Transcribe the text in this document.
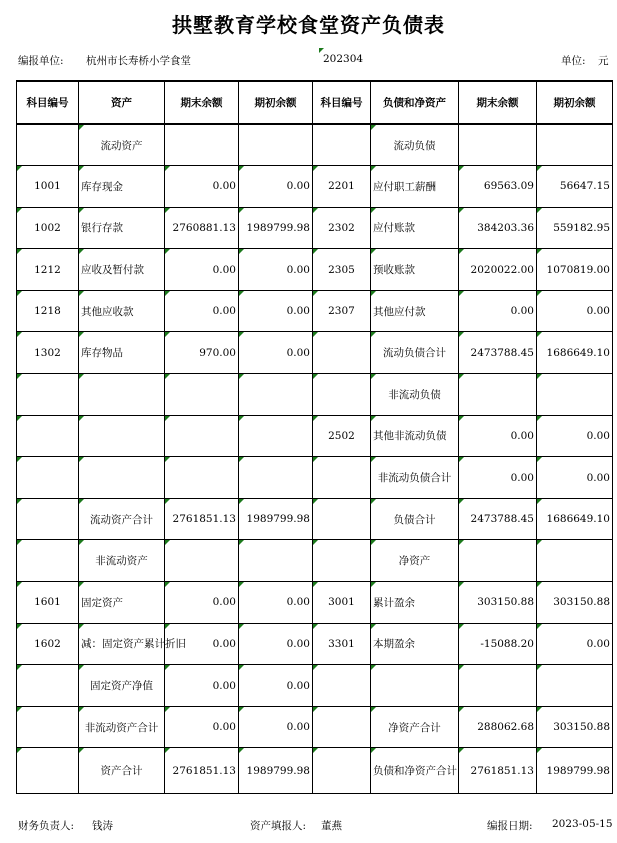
拱墅教育学校食堂资产负债表
编报单位: 杭州市长寿桥小学食堂	202304	单位: 元
科目编号	资产	期末余额	期初余额	科目编号	负债和净资产	期末余额	期初余额
	流动资产				流动负债		
1001	库存现金	0.00	0.00	2201	应付职工薪酬	69563.09	56647.15
1002	银行存款	2760881.13	1989799.98	2302	应付账款	384203.36	559182.95
1212	应收及暂付款	0.00	0.00	2305	预收账款	2020022.00	1070819.00
1218	其他应收款	0.00	0.00	2307	其他应付款	0.00	0.00
1302	库存物品	970.00	0.00		流动负债合计	2473788.45	1686649.10
					非流动负债		
				2502	其他非流动负债	0.00	0.00
					非流动负债合计	0.00	0.00
	流动资产合计	2761851.13	1989799.98		负债合计	2473788.45	1686649.10
	非流动资产				净资产		
1601	固定资产	0.00	0.00	3001	累计盈余	303150.88	303150.88
1602	减：固定资产累计折旧	0.00	0.00	3301	本期盈余	-15088.20	0.00
	固定资产净值	0.00	0.00				
	非流动资产合计	0.00	0.00		净资产合计	288062.68	303150.88
	资产合计	2761851.13	1989799.98		负债和净资产合计	2761851.13	1989799.98
财务负责人: 钱涛	资产填报人: 董燕	编报日期: 2023-05-15
